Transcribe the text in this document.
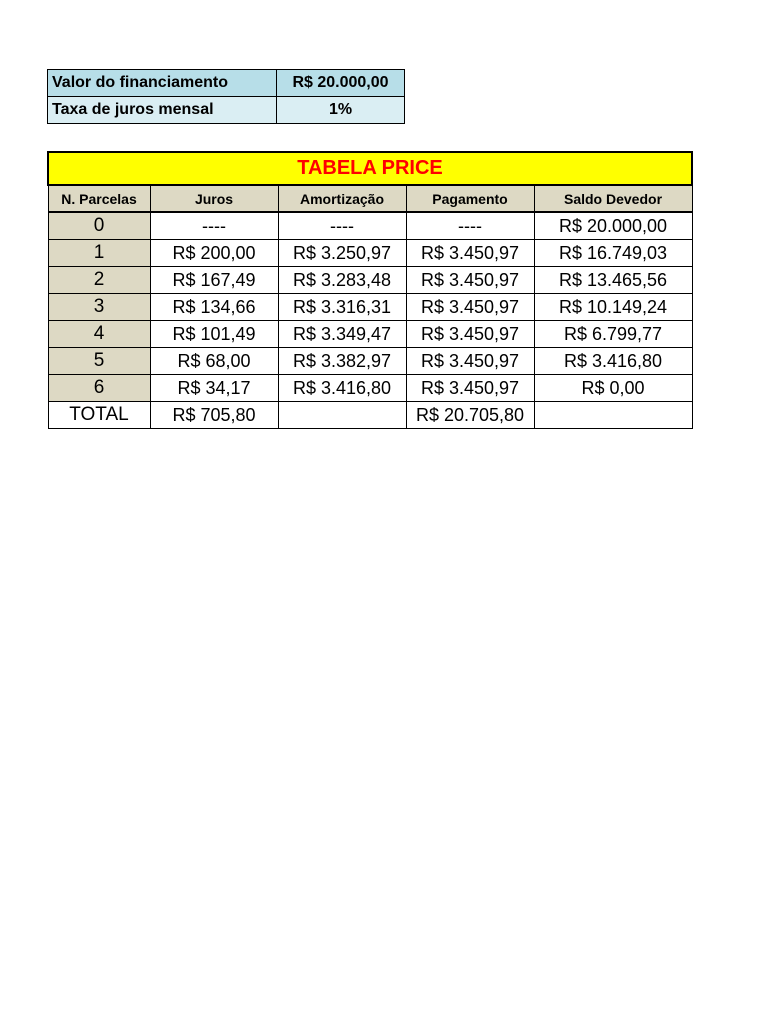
Valor do financiamento	R$ 20.000,00
Taxa de juros mensal	1%
TABELA PRICE				
N. Parcelas	Juros	Amortização	Pagamento	Saldo Devedor
0	----	----	----	R$ 20.000,00
1	R$ 200,00	R$ 3.250,97	R$ 3.450,97	R$ 16.749,03
2	R$ 167,49	R$ 3.283,48	R$ 3.450,97	R$ 13.465,56
3	R$ 134,66	R$ 3.316,31	R$ 3.450,97	R$ 10.149,24
4	R$ 101,49	R$ 3.349,47	R$ 3.450,97	R$ 6.799,77
5	R$ 68,00	R$ 3.382,97	R$ 3.450,97	R$ 3.416,80
6	R$ 34,17	R$ 3.416,80	R$ 3.450,97	R$ 0,00
TOTAL	R$ 705,80		R$ 20.705,80	
